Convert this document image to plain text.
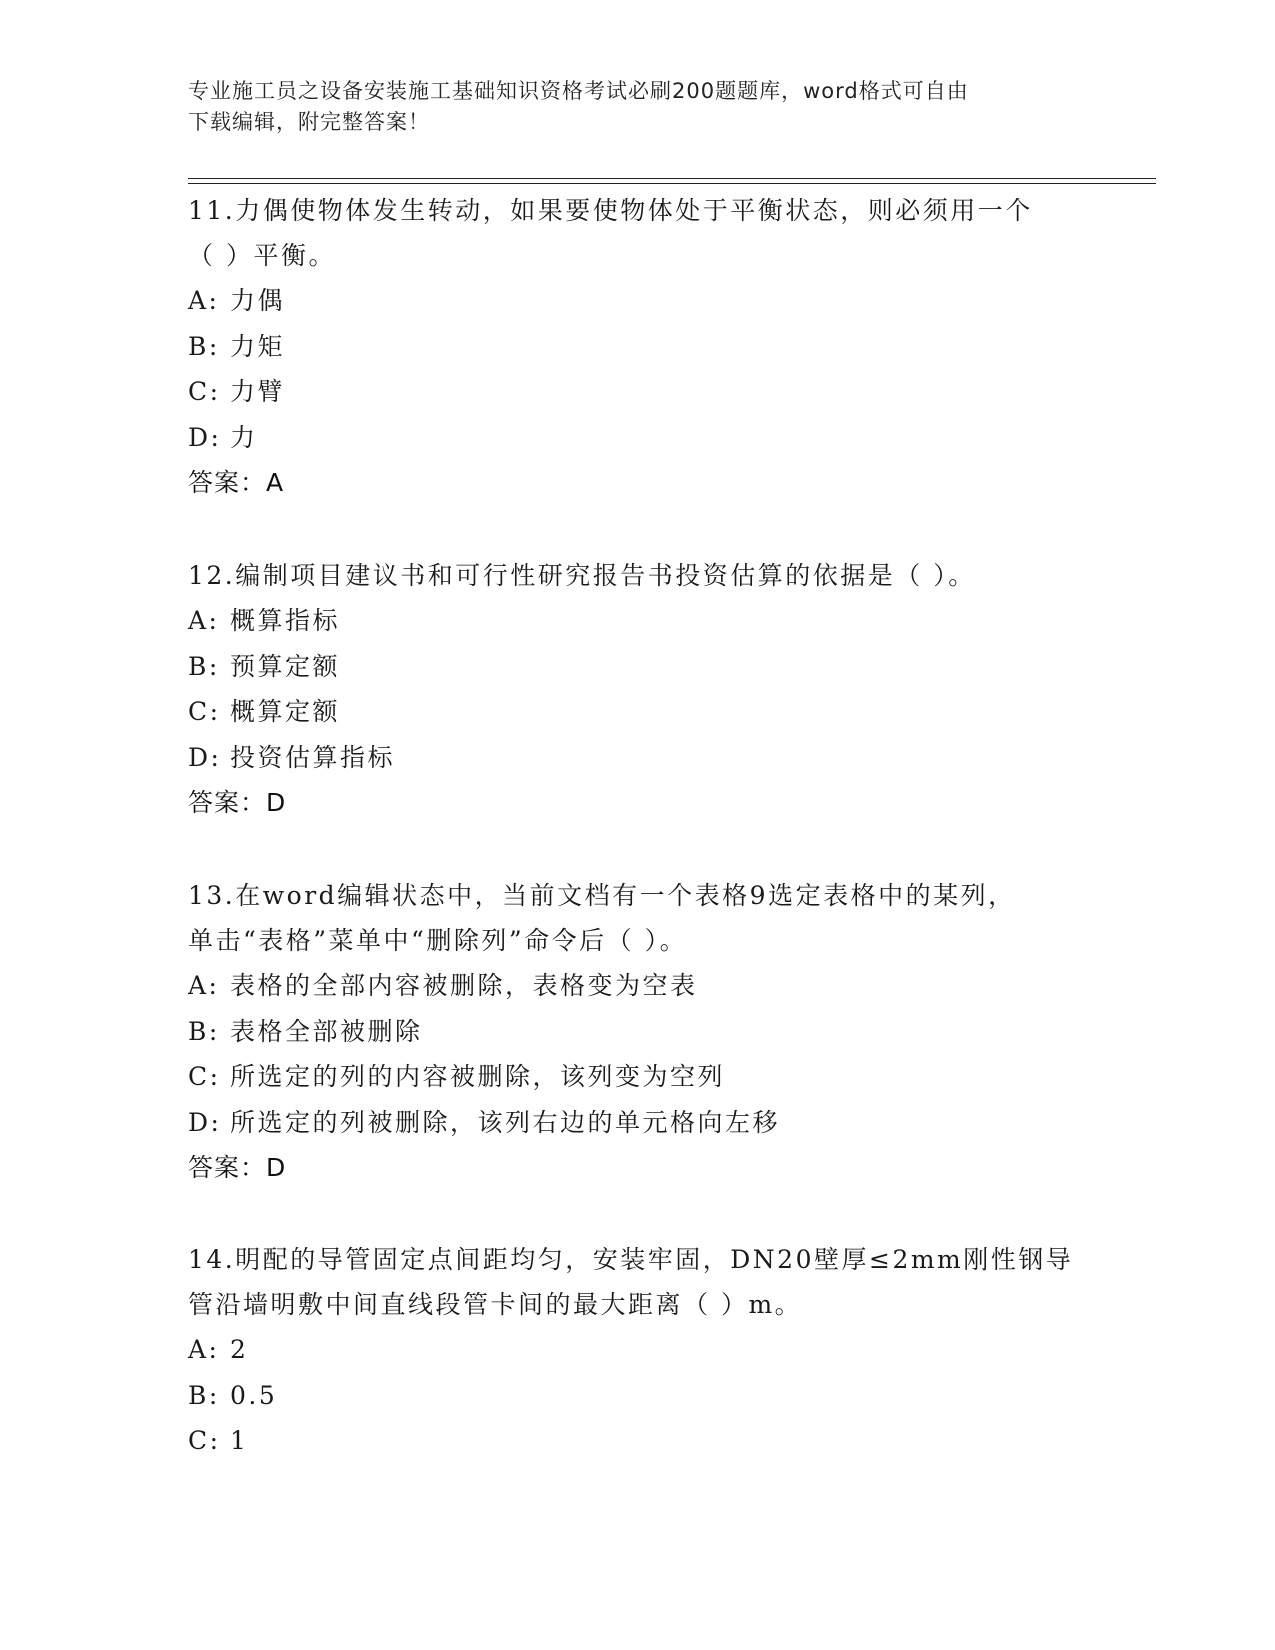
专业施工员之设备安装施工基础知识资格考试必刷200题题库，word格式可自由
下载编辑，附完整答案！

11.力偶使物体发生转动，如果要使物体处于平衡状态，则必须用一个

（ ）平衡。

A: 力偶

B: 力矩

C: 力臂

D: 力

答案：A

12.编制项目建议书和可行性研究报告书投资估算的依据是（ ）。

A: 概算指标

B: 预算定额

C: 概算定额

D: 投资估算指标

答案：D

13.在word编辑状态中，当前文档有一个表格9选定表格中的某列，

单击“表格”菜单中“删除列”命令后（ ）。

A: 表格的全部内容被删除，表格变为空表

B: 表格全部被删除

C: 所选定的列的内容被删除，该列变为空列

D: 所选定的列被删除，该列右边的单元格向左移

答案：D

14.明配的导管固定点间距均匀，安装牢固，DN20壁厚≤2mm刚性钢导

管沿墙明敷中间直线段管卡间的最大距离（ ）m。

A: 2

B: 0.5

C: 1
